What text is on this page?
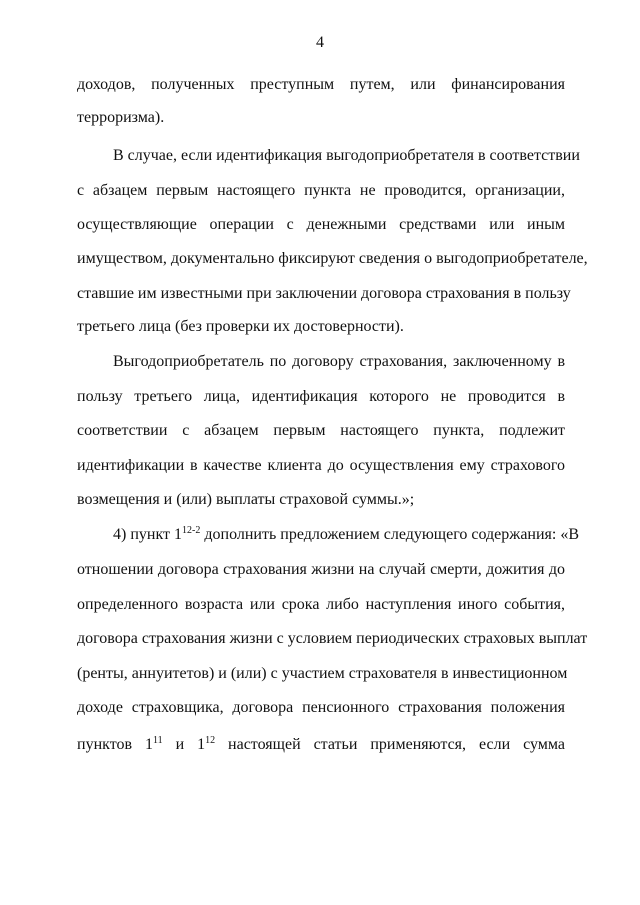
4
доходов, полученных преступным путем, или финансирования
терроризма).
В случае, если идентификация выгодоприобретателя в соответствии
с абзацем первым настоящего пункта не проводится, организации,
осуществляющие операции с денежными средствами или иным
имуществом, документально фиксируют сведения о выгодоприобретателе,
ставшие им известными при заключении договора страхования в пользу
третьего лица (без проверки их достоверности).
Выгодоприобретатель по договору страхования, заключенному в
пользу третьего лица, идентификация которого не проводится в
соответствии с абзацем первым настоящего пункта, подлежит
идентификации в качестве клиента до осуществления ему страхового
возмещения и (или) выплаты страховой суммы.»;
4) пункт 1$^{12-2}$ дополнить предложением следующего содержания: «В
отношении договора страхования жизни на случай смерти, дожития до
определенного возраста или срока либо наступления иного события,
договора страхования жизни с условием периодических страховых выплат
(ренты, аннуитетов) и (или) с участием страхователя в инвестиционном
доходе страховщика, договора пенсионного страхования положения
пунктов $1^{11}$ и $1^{12}$ настоящей статьи применяются, если сумма
